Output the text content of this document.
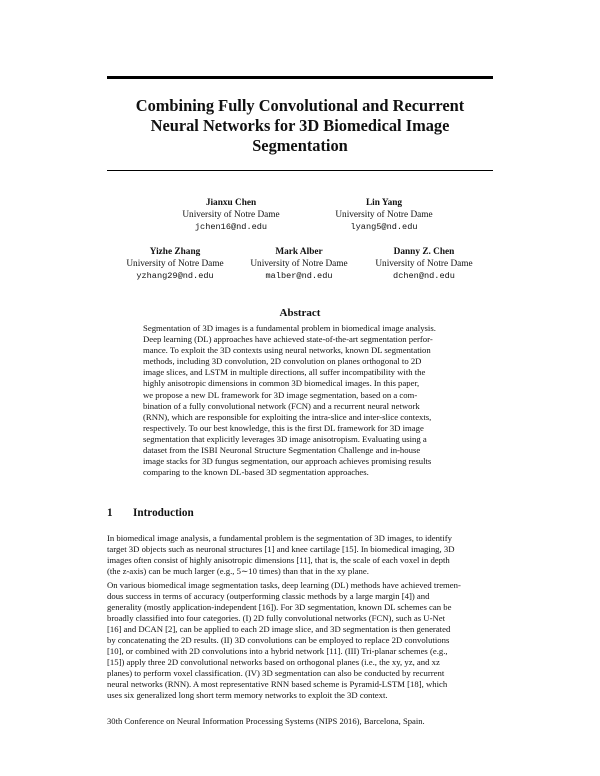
Combining Fully Convolutional and Recurrent
Neural Networks for 3D Biomedical Image
Segmentation
Jianxu Chen
University of Notre Dame
jchen16@nd.edu
Lin Yang
University of Notre Dame
lyang5@nd.edu
Yizhe Zhang
University of Notre Dame
yzhang29@nd.edu
Mark Alber
University of Notre Dame
malber@nd.edu
Danny Z. Chen
University of Notre Dame
dchen@nd.edu
Abstract
Segmentation of 3D images is a fundamental problem in biomedical image analysis.
Deep learning (DL) approaches have achieved state-of-the-art segmentation perfor-
mance. To exploit the 3D contexts using neural networks, known DL segmentation
methods, including 3D convolution, 2D convolution on planes orthogonal to 2D
image slices, and LSTM in multiple directions, all suffer incompatibility with the
highly anisotropic dimensions in common 3D biomedical images. In this paper,
we propose a new DL framework for 3D image segmentation, based on a com-
bination of a fully convolutional network (FCN) and a recurrent neural network
(RNN), which are responsible for exploiting the intra-slice and inter-slice contexts,
respectively. To our best knowledge, this is the first DL framework for 3D image
segmentation that explicitly leverages 3D image anisotropism. Evaluating using a
dataset from the ISBI Neuronal Structure Segmentation Challenge and in-house
image stacks for 3D fungus segmentation, our approach achieves promising results
comparing to the known DL-based 3D segmentation approaches.
1 Introduction
In biomedical image analysis, a fundamental problem is the segmentation of 3D images, to identify
target 3D objects such as neuronal structures [1] and knee cartilage [15]. In biomedical imaging, 3D
images often consist of highly anisotropic dimensions [11], that is, the scale of each voxel in depth
(the z-axis) can be much larger (e.g., 5∼10 times) than that in the xy plane.
On various biomedical image segmentation tasks, deep learning (DL) methods have achieved tremen-
dous success in terms of accuracy (outperforming classic methods by a large margin [4]) and
generality (mostly application-independent [16]). For 3D segmentation, known DL schemes can be
broadly classified into four categories. (I) 2D fully convolutional networks (FCN), such as U-Net
[16] and DCAN [2], can be applied to each 2D image slice, and 3D segmentation is then generated
by concatenating the 2D results. (II) 3D convolutions can be employed to replace 2D convolutions
[10], or combined with 2D convolutions into a hybrid network [11]. (III) Tri-planar schemes (e.g.,
[15]) apply three 2D convolutional networks based on orthogonal planes (i.e., the xy, yz, and xz
planes) to perform voxel classification. (IV) 3D segmentation can also be conducted by recurrent
neural networks (RNN). A most representative RNN based scheme is Pyramid-LSTM [18], which
uses six generalized long short term memory networks to exploit the 3D context.
30th Conference on Neural Information Processing Systems (NIPS 2016), Barcelona, Spain.
